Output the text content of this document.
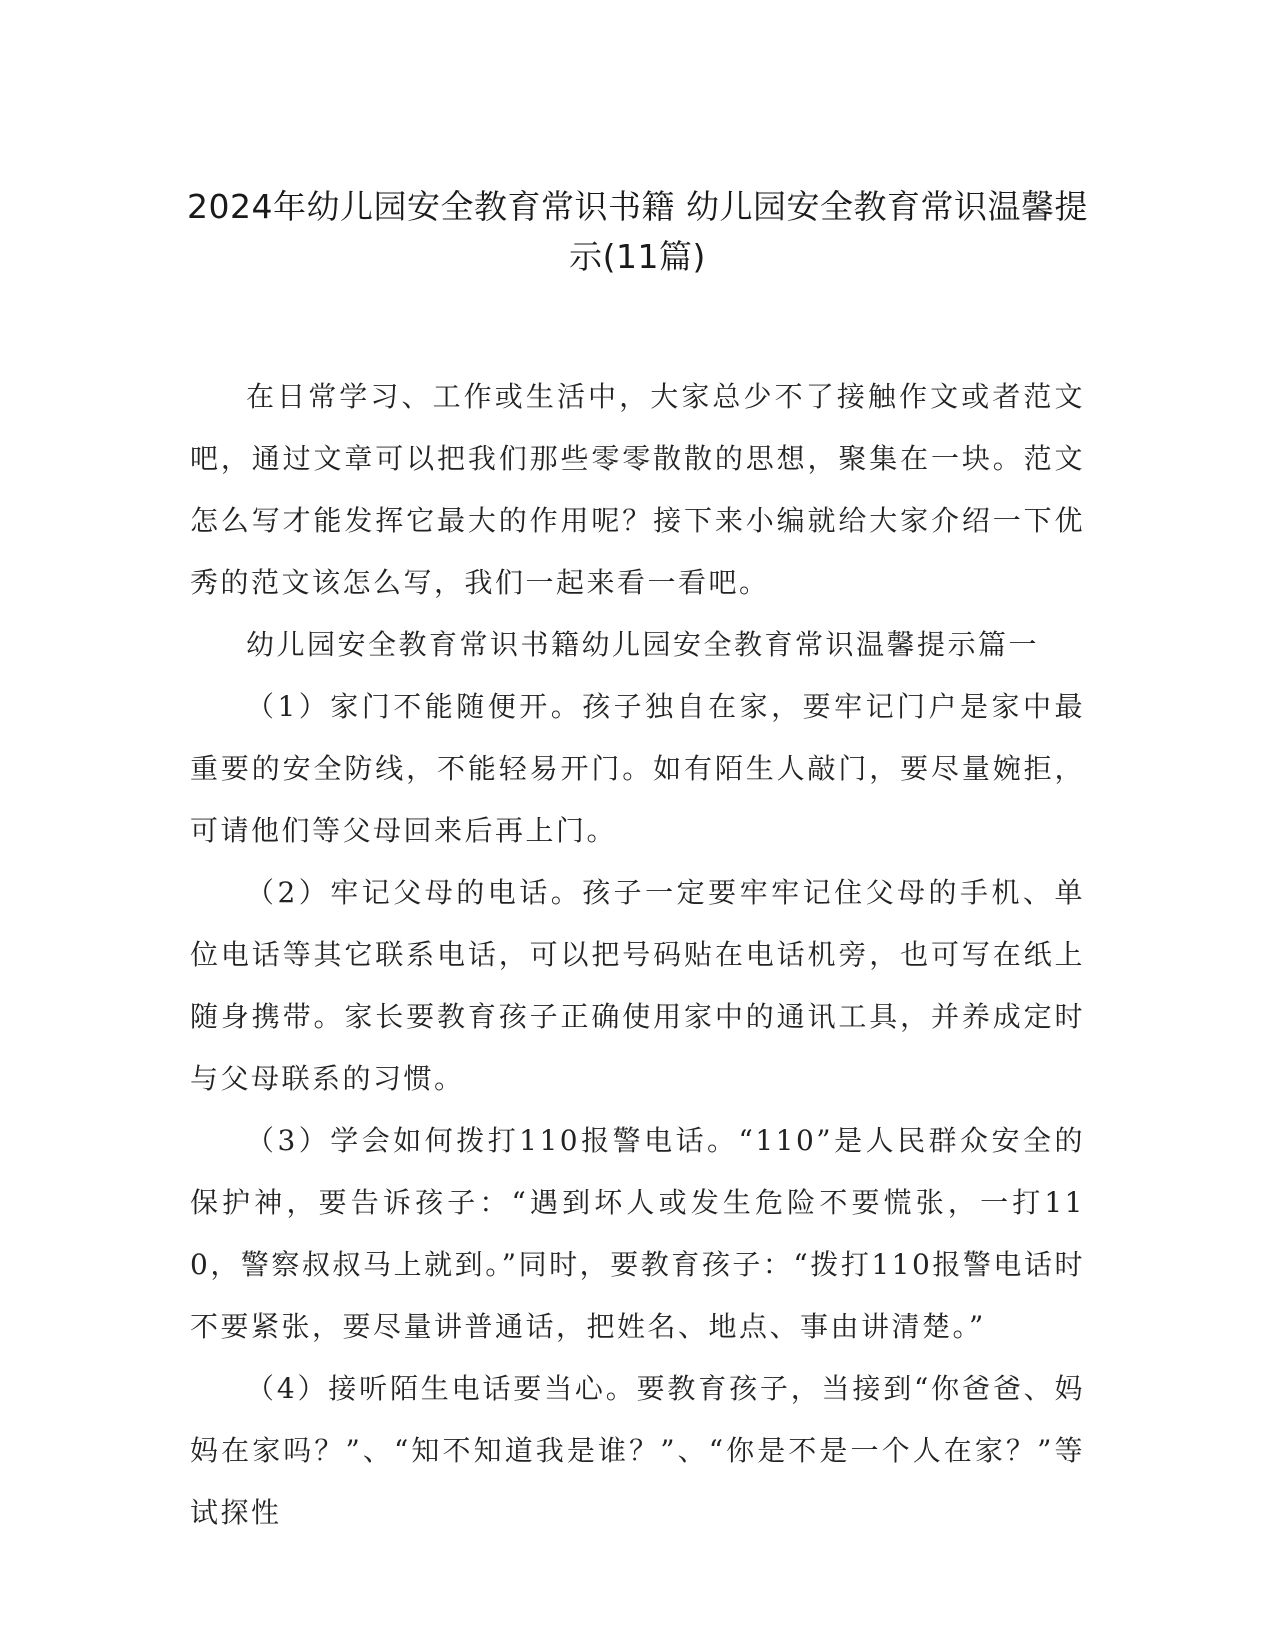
2024年幼儿园安全教育常识书籍 幼儿园安全教育常识温馨提示(11篇)

在日常学习、工作或生活中，大家总少不了接触作文或者范文吧，通过文章可以把我们那些零零散散的思想，聚集在一块。范文怎么写才能发挥它最大的作用呢？接下来小编就给大家介绍一下优秀的范文该怎么写，我们一起来看一看吧。

幼儿园安全教育常识书籍幼儿园安全教育常识温馨提示篇一

（1）家门不能随便开。孩子独自在家，要牢记门户是家中最重要的安全防线，不能轻易开门。如有陌生人敲门，要尽量婉拒，可请他们等父母回来后再上门。

（2）牢记父母的电话。孩子一定要牢牢记住父母的手机、单位电话等其它联系电话，可以把号码贴在电话机旁，也可写在纸上随身携带。家长要教育孩子正确使用家中的通讯工具，并养成定时与父母联系的习惯。

（3）学会如何拨打110报警电话。“110”是人民群众安全的保护神，要告诉孩子：“遇到坏人或发生危险不要慌张，一打110，警察叔叔马上就到。”同时，要教育孩子：“拨打110报警电话时不要紧张，要尽量讲普通话，把姓名、地点、事由讲清楚。”

（4）接听陌生电话要当心。要教育孩子，当接到“你爸爸、妈妈在家吗？”、“知不知道我是谁？”、“你是不是一个人在家？”等试探性
